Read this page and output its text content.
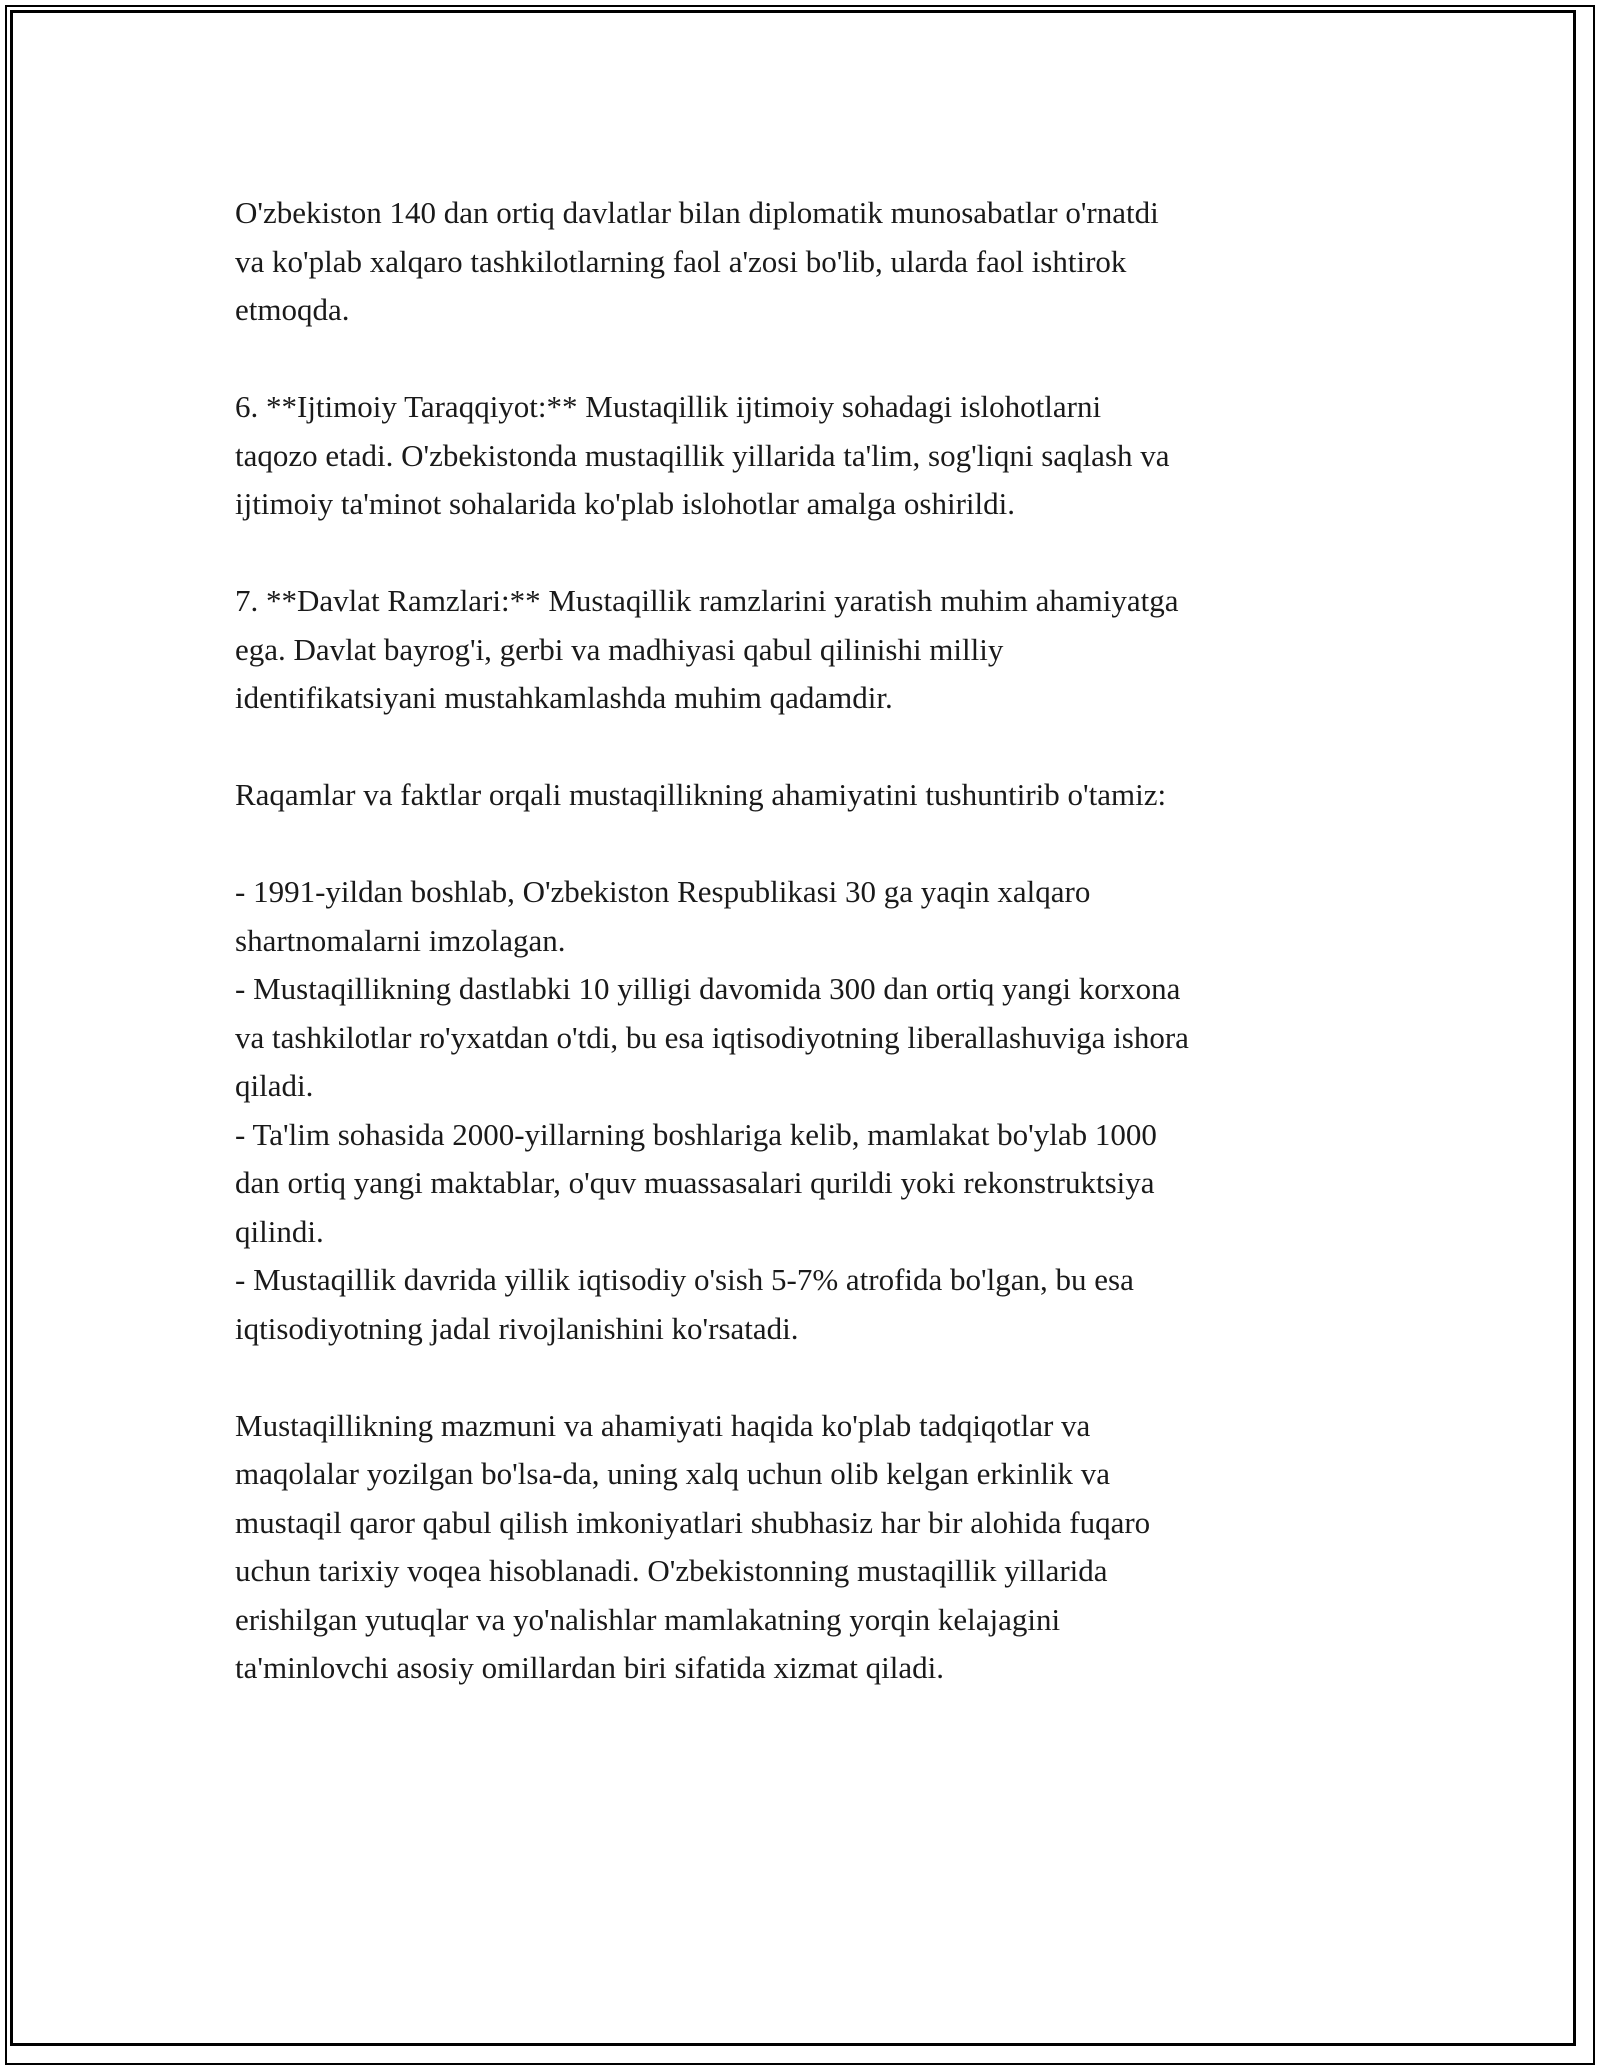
O'zbekiston 140 dan ortiq davlatlar bilan diplomatik munosabatlar o'rnatdi
va ko'plab xalqaro tashkilotlarning faol a'zosi bo'lib, ularda faol ishtirok
etmoqda.

6. **Ijtimoiy Taraqqiyot:** Mustaqillik ijtimoiy sohadagi islohotlarni
taqozo etadi. O'zbekistonda mustaqillik yillarida ta'lim, sog'liqni saqlash va
ijtimoiy ta'minot sohalarida ko'plab islohotlar amalga oshirildi.

7. **Davlat Ramzlari:** Mustaqillik ramzlarini yaratish muhim ahamiyatga
ega. Davlat bayrog'i, gerbi va madhiyasi qabul qilinishi milliy
identifikatsiyani mustahkamlashda muhim qadamdir.

Raqamlar va faktlar orqali mustaqillikning ahamiyatini tushuntirib o'tamiz:

- 1991-yildan boshlab, O'zbekiston Respublikasi 30 ga yaqin xalqaro
shartnomalarni imzolagan.
- Mustaqillikning dastlabki 10 yilligi davomida 300 dan ortiq yangi korxona
va tashkilotlar ro'yxatdan o'tdi, bu esa iqtisodiyotning liberallashuviga ishora
qiladi.
- Ta'lim sohasida 2000-yillarning boshlariga kelib, mamlakat bo'ylab 1000
dan ortiq yangi maktablar, o'quv muassasalari qurildi yoki rekonstruktsiya
qilindi.
- Mustaqillik davrida yillik iqtisodiy o'sish 5-7% atrofida bo'lgan, bu esa
iqtisodiyotning jadal rivojlanishini ko'rsatadi.

Mustaqillikning mazmuni va ahamiyati haqida ko'plab tadqiqotlar va
maqolalar yozilgan bo'lsa-da, uning xalq uchun olib kelgan erkinlik va
mustaqil qaror qabul qilish imkoniyatlari shubhasiz har bir alohida fuqaro
uchun tarixiy voqea hisoblanadi. O'zbekistonning mustaqillik yillarida
erishilgan yutuqlar va yo'nalishlar mamlakatning yorqin kelajagini
ta'minlovchi asosiy omillardan biri sifatida xizmat qiladi.
